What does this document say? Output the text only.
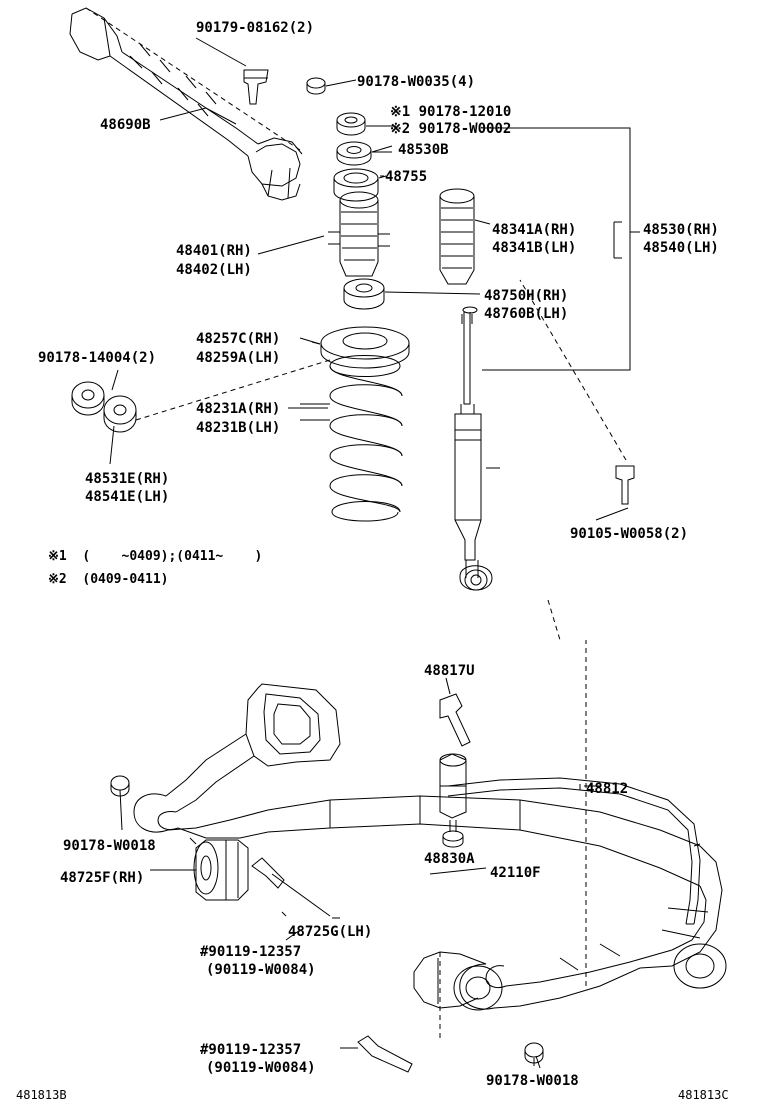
48690B
90179-08162(2)
90178-W0035(4)
※1 90178-12010
※2 90178-W0002
48530B
48755
48341A(RH)
48341B(LH)
48530(RH)
48540(LH)
48401(RH)
48402(LH)
48750H(RH)
48760B(LH)
48257C(RH)
48259A(LH)
90178-14004(2)
48231A(RH)
48231B(LH)
48531E(RH)
48541E(LH)
90105-W0058(2)
48817U
48812
48830A
42110F
90178-W0018
48725F(RH)
48725G(LH)
#90119-12357
(90119-W0084)
#90119-12357
(90119-W0084)
90178-W0018
※1  (    ~0409);(0411~    )
※2  (0409-0411)
481813B	481813C
